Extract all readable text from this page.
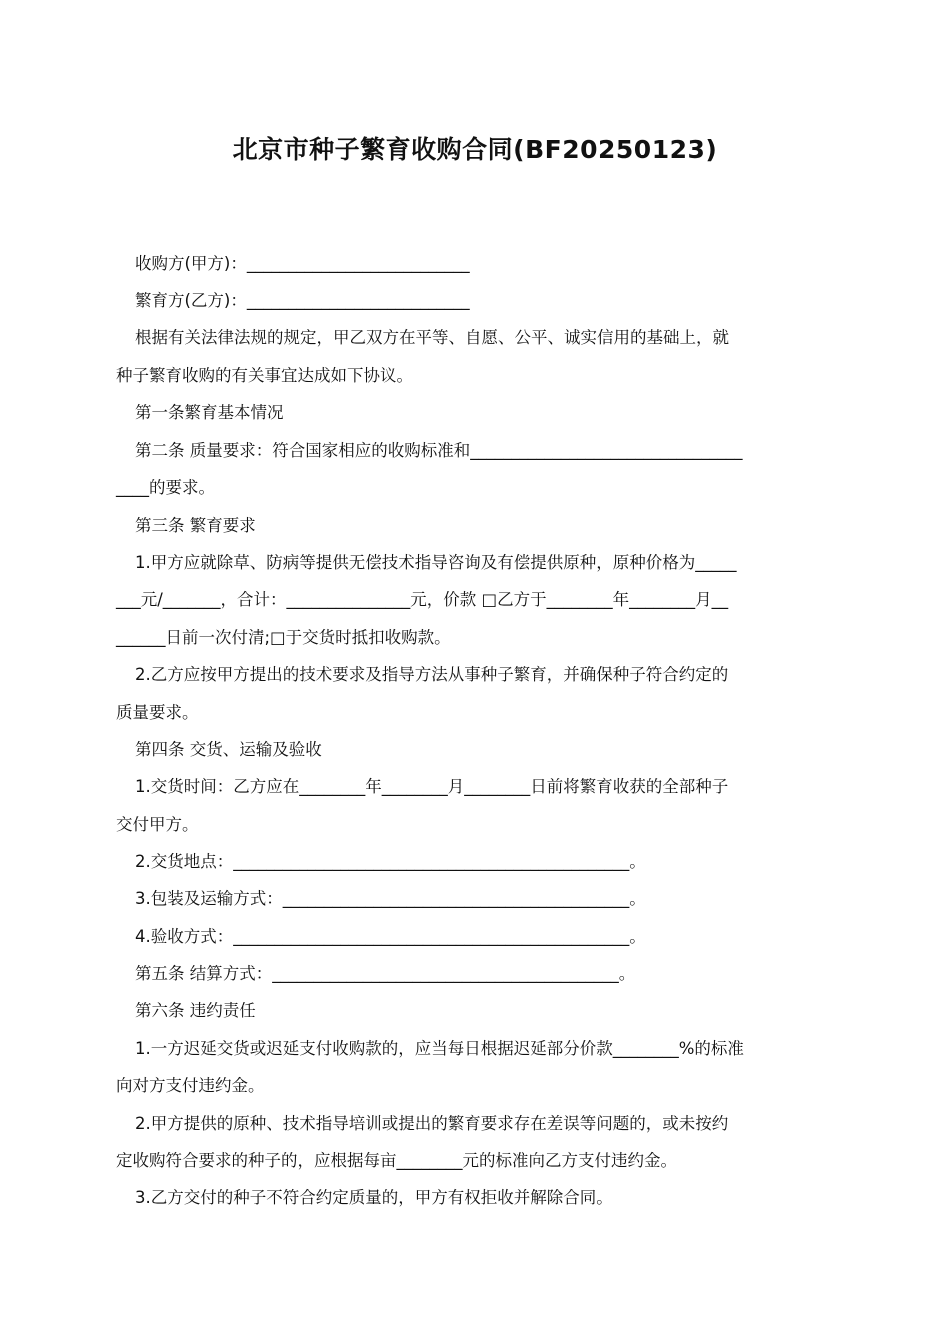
北京市种子繁育收购合同(BF20250123)
收购方(甲方)：___________________________
繁育方(乙方)：___________________________
根据有关法律法规的规定，甲乙双方在平等、自愿、公平、诚实信用的基础上，就
种子繁育收购的有关事宜达成如下协议。
第一条繁育基本情况
第二条 质量要求：符合国家相应的收购标准和_________________________________
____的要求。
第三条 繁育要求
1.甲方应就除草、防病等提供无偿技术指导咨询及有偿提供原种，原种价格为_____
___元/_______，合计：_______________元，价款 □乙方于________年________月__
______日前一次付清;□于交货时抵扣收购款。
2.乙方应按甲方提出的技术要求及指导方法从事种子繁育，并确保种子符合约定的
质量要求。
第四条 交货、运输及验收
1.交货时间：乙方应在________年________月________日前将繁育收获的全部种子
交付甲方。
2.交货地点：________________________________________________。
3.包装及运输方式：__________________________________________。
4.验收方式：________________________________________________。
第五条 结算方式：__________________________________________。
第六条 违约责任
1.一方迟延交货或迟延支付收购款的，应当每日根据迟延部分价款________%的标准
向对方支付违约金。
2.甲方提供的原种、技术指导培训或提出的繁育要求存在差误等问题的，或未按约
定收购符合要求的种子的，应根据每亩________元的标准向乙方支付违约金。
3.乙方交付的种子不符合约定质量的，甲方有权拒收并解除合同。
